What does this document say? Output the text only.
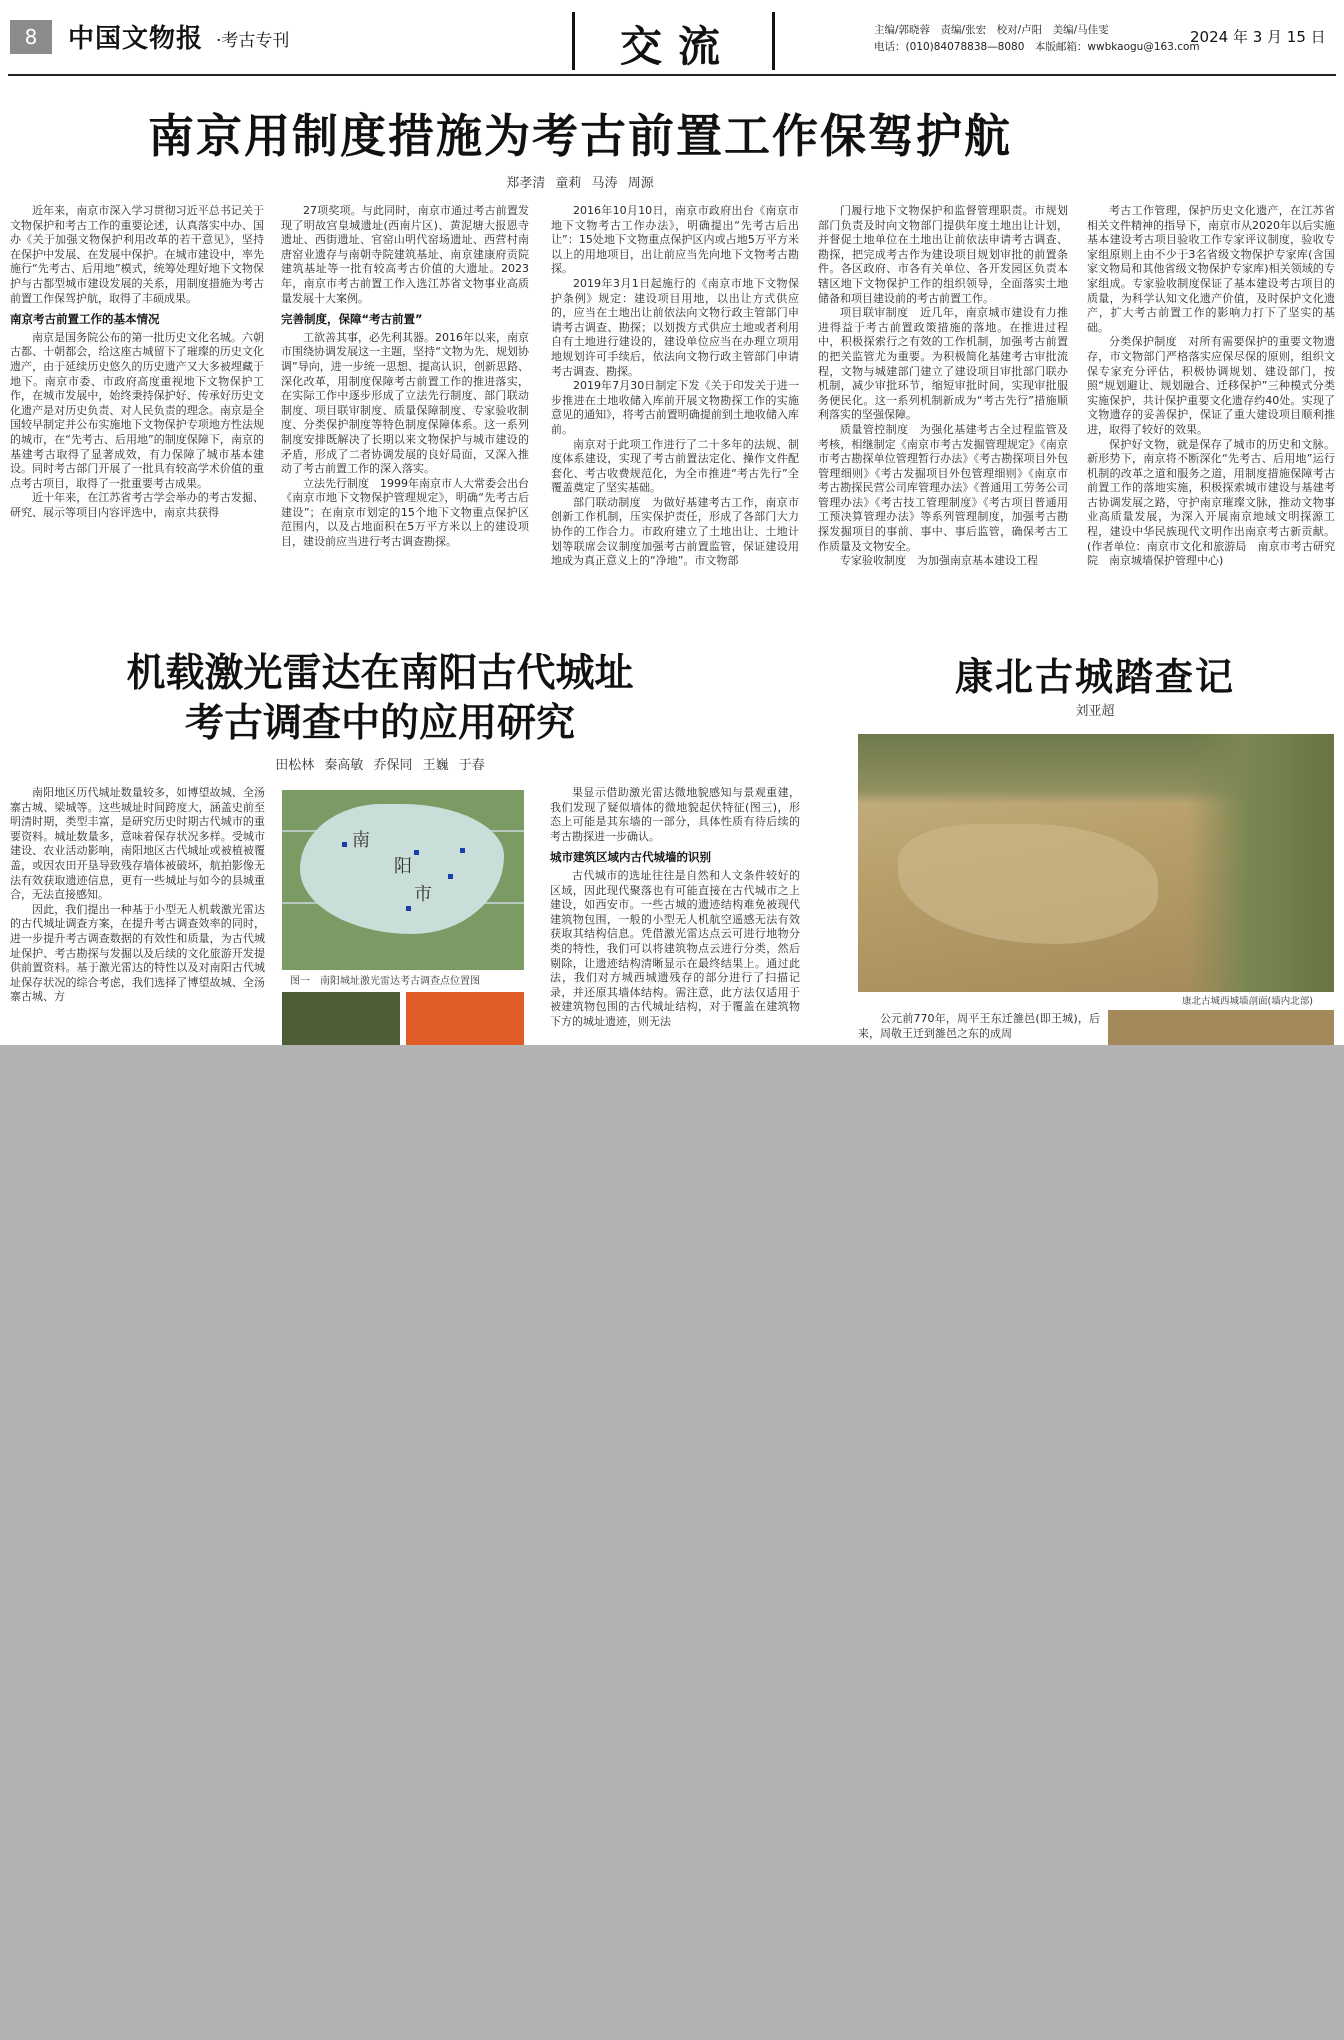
8	中国文物报 ·考古专刊	交流	主编/郭晓蓉　责编/张宏　校对/卢阳　美编/马佳雯
电话：(010)84078838—8080　本版邮箱：wwbkaogu@163.com
2024 年 3 月 15 日
南京用制度措施为考古前置工作保驾护航
郑孝清 童莉 马涛 周源

近年来，南京市深入学习贯彻习近平总书记关于文物保护和考古工作的重要论述，认真落实中办、国办《关于加强文物保护利用改革的若干意见》，坚持在保护中发展、在发展中保护。在城市建设中，率先施行“先考古、后用地”模式，统筹处理好地下文物保护与古都型城市建设发展的关系，用制度措施为考古前置工作保驾护航，取得了丰硕成果。

南京考古前置工作的基本情况

南京是国务院公布的第一批历史文化名城。六朝古都、十朝都会，给这座古城留下了璀璨的历史文化遗产，由于延续历史悠久的历史遗产又大多被埋藏于地下。南京市委、市政府高度重视地下文物保护工作，在城市发展中，始终秉持保护好、传承好历史文化遗产是对历史负责、对人民负责的理念。南京是全国较早制定并公布实施地下文物保护专项地方性法规的城市，在“先考古、后用地”的制度保障下，南京的基建考古取得了显著成效，有力保障了城市基本建设。同时考古部门开展了一批具有较高学术价值的重点考古项目，取得了一批重要考古成果。

近十年来，在江苏省考古学会举办的考古发掘、研究、展示等项目内容评选中，南京共获得

27项奖项。与此同时，南京市通过考古前置发现了明故宫皇城遗址(西南片区)、黄泥塘大报恩寺遗址、西街遗址、官窑山明代窑场遗址、西营村南唐窑业遗存与南朝寺院建筑基址、南京建康府贡院建筑基址等一批有较高考古价值的大遗址。2023年，南京市考古前置工作入选江苏省文物事业高质量发展十大案例。

完善制度，保障“考古前置”

工欲善其事，必先利其器。2016年以来，南京市围绕协调发展这一主题，坚持“文物为先、规划协调”导向，进一步统一思想、提高认识，创新思路、深化改革，用制度保障考古前置工作的推进落实，在实际工作中逐步形成了立法先行制度、部门联动制度、项目联审制度、质量保障制度、专家验收制度、分类保护制度等特色制度保障体系。这一系列制度安排既解决了长期以来文物保护与城市建设的矛盾，形成了二者协调发展的良好局面，又深入推动了考古前置工作的深入落实。

立法先行制度　1999年南京市人大常委会出台《南京市地下文物保护管理规定》，明确“先考古后建设”；在南京市划定的15个地下文物重点保护区范围内，以及占地面积在5万平方米以上的建设项目，建设前应当进行考古调查勘探。

2016年10月10日，南京市政府出台《南京市地下文物考古工作办法》，明确提出“先考古后出让”：15处地下文物重点保护区内或占地5万平方米以上的用地项目，出让前应当先向地下文物考古勘探。

2019年3月1日起施行的《南京市地下文物保护条例》规定：建设项目用地，以出让方式供应的，应当在土地出让前依法向文物行政主管部门申请考古调查、勘探；以划拨方式供应土地或者利用自有土地进行建设的，建设单位应当在办理立项用地规划许可手续后，依法向文物行政主管部门申请考古调查、勘探。

2019年7月30日制定下发《关于印发关于进一步推进在土地收储入库前开展文物勘探工作的实施意见的通知》，将考古前置明确提前到土地收储入库前。

南京对于此项工作进行了二十多年的法规、制度体系建设，实现了考古前置法定化、操作文件配套化、考古收费规范化，为全市推进“考古先行”全覆盖奠定了坚实基础。

部门联动制度　为做好基建考古工作，南京市创新工作机制，压实保护责任，形成了各部门大力协作的工作合力。市政府建立了土地出让、土地计划等联席会议制度加强考古前置监管，保证建设用地成为真正意义上的“净地”。市文物部

门履行地下文物保护和监督管理职责。市规划部门负责及时向文物部门提供年度土地出让计划，并督促土地单位在土地出让前依法申请考古调查、勘探，把完成考古作为建设项目规划审批的前置条件。各区政府、市各有关单位、各开发园区负责本辖区地下文物保护工作的组织领导，全面落实土地储备和项目建设前的考古前置工作。

项目联审制度　近几年，南京城市建设有力推进得益于考古前置政策措施的落地。在推进过程中，积极探索行之有效的工作机制，加强考古前置的把关监管尤为重要。为积极简化基建考古审批流程，文物与城建部门建立了建设项目审批部门联办机制，减少审批环节，缩短审批时间，实现审批服务便民化。这一系列机制新成为“考古先行”措施顺利落实的坚强保障。

质量管控制度　为强化基建考古全过程监管及考核，相继制定《南京市考古发掘管理规定》《南京市考古勘探单位管理暂行办法》《考古勘探项目外包管理细则》《考古发掘项目外包管理细则》《南京市考古勘探民营公司库管理办法》《普通用工劳务公司管理办法》《考古技工管理制度》《考古项目普通用工预决算管理办法》等系列管理制度，加强考古勘探发掘项目的事前、事中、事后监管，确保考古工作质量及文物安全。

专家验收制度　为加强南京基本建设工程

考古工作管理，保护历史文化遗产，在江苏省相关文件精神的指导下，南京市从2020年以后实施基本建设考古项目验收工作专家评议制度，验收专家组原则上由不少于3名省级文物保护专家库(含国家文物局和其他省级文物保护专家库)相关领域的专家组成。专家验收制度保证了基本建设考古项目的质量，为科学认知文化遗产价值，及时保护文化遗产，扩大考古前置工作的影响力打下了坚实的基础。

分类保护制度　对所有需要保护的重要文物遗存，市文物部门严格落实应保尽保的原则，组织文保专家充分评估，积极协调规划、建设部门，按照“规划避让、规划融合、迁移保护”三种模式分类实施保护，共计保护重要文化遗存约40处。实现了文物遗存的妥善保护，保证了重大建设项目顺利推进，取得了较好的效果。

保护好文物，就是保存了城市的历史和文脉。新形势下，南京将不断深化“先考古、后用地”运行机制的改革之道和服务之道，用制度措施保障考古前置工作的落地实施，积极探索城市建设与基建考古协调发展之路，守护南京璀璨文脉，推动文物事业高质量发展，为深入开展南京地域文明探源工程，建设中华民族现代文明作出南京考古新贡献。(作者单位：南京市文化和旅游局　南京市考古研究院　南京城墙保护管理中心)

机载激光雷达在南阳古代城址
考古调查中的应用研究
田松林 秦高敏 乔保同 王巍 于春

南阳地区历代城址数量较多，如博望故城、全汤寨古城、梁城等。这些城址时间跨度大，涵盖史前至明清时期，类型丰富，是研究历史时期古代城市的重要资料。城址数量多，意味着保存状况多样。受城市建设、农业活动影响，南阳地区古代城址或被植被覆盖，或因农田开垦导致残存墙体被破坏，航拍影像无法有效获取遗迹信息，更有一些城址与如今的县城重合，无法直接感知。

因此，我们提出一种基于小型无人机载激光雷达的古代城址调查方案，在提升考古调查效率的同时，进一步提升考古调查数据的有效性和质量，为古代城址保护、考古勘探与发掘以及后续的文化旅游开发提供前置资料。基于激光雷达的特性以及对南阳古代城址保存状况的综合考虑，我们选择了博望故城、全汤寨古城、方

南
阳
市
图一　南阳城址激光雷达考古调查点位置图

果显示借助激光雷达微地貌感知与景观重建，我们发现了疑似墙体的微地貌起伏特征(图三)，形态上可能是其东墙的一部分，具体性质有待后续的考古勘探进一步确认。

城市建筑区域内古代城墙的识别

古代城市的选址往往是自然和人文条件较好的区域，因此现代聚落也有可能直接在古代城市之上建设，如西安市。一些古城的遗迹结构难免被现代建筑物包围，一般的小型无人机航空遥感无法有效获取其结构信息。凭借激光雷达点云可进行地物分类的特性，我们可以将建筑物点云进行分类，然后剔除，让遗迹结构清晰显示在最终结果上。通过此法，我们对方城西城遗残存的部分进行了扫描记录，并还原其墙体结构。需注意，此方法仅适用于被建筑物包围的古代城址结构，对于覆盖在建筑物下方的城址遗迹，则无法

康北古城踏查记
刘亚超
康北古城西城墙剖面(墙内北部)

公元前770年，周平王东迁雒邑(即王城)，后来，周敬王迁到雒邑之东的成周
